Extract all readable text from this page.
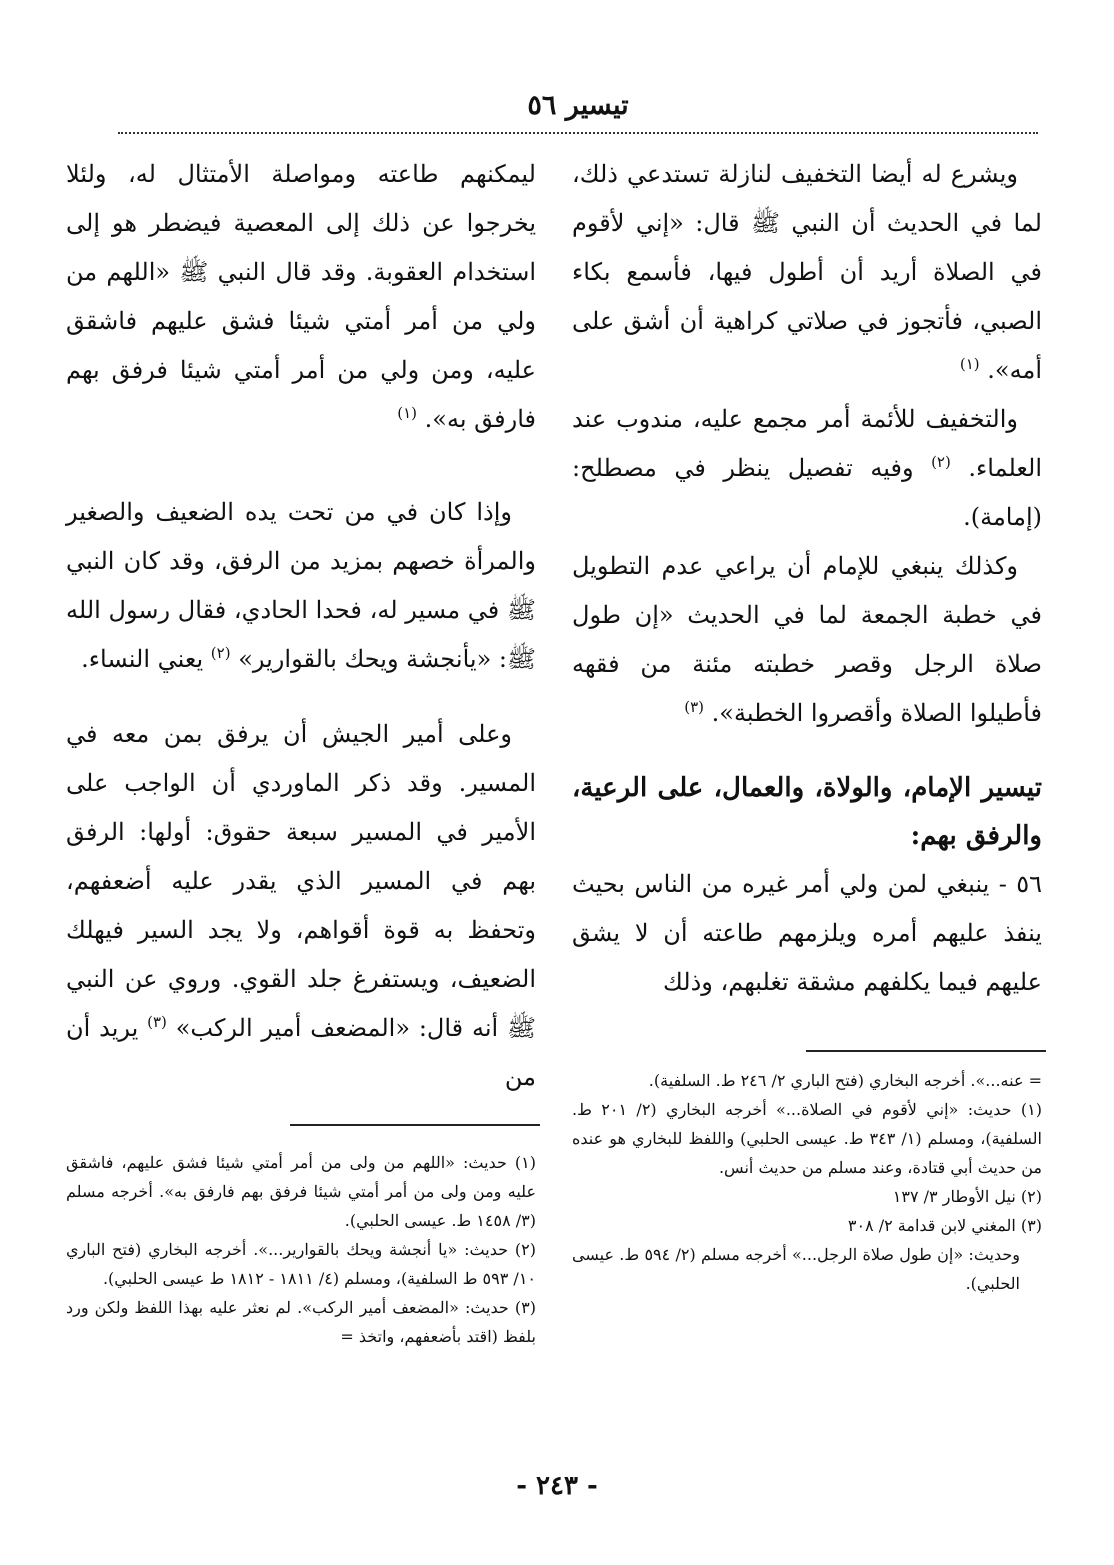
تيسير ٥٦

ويشرع له أيضا التخفيف لنازلة تستدعي ذلك، لما في الحديث أن النبي ﷺ قال: «إني لأقوم في الصلاة أريد أن أطول فيها، فأسمع بكاء الصبي، فأتجوز في صلاتي كراهية أن أشق على أمه». $^{(١)}$

والتخفيف للأئمة أمر مجمع عليه، مندوب عند العلماء. $^{(٢)}$ وفيه تفصيل ينظر في مصطلح: (إمامة).

وكذلك ينبغي للإمام أن يراعي عدم التطويل في خطبة الجمعة لما في الحديث «إن طول صلاة الرجل وقصر خطبته مئنة من فقهه فأطيلوا الصلاة وأقصروا الخطبة». $^{(٣)}$

تيسير الإمام، والولاة، والعمال، على الرعية، والرفق بهم:

٥٦ - ينبغي لمن ولي أمر غيره من الناس بحيث ينفذ عليهم أمره ويلزمهم طاعته أن لا يشق عليهم فيما يكلفهم مشقة تغلبهم، وذلك

ليمكنهم طاعته ومواصلة الأمتثال له، ولئلا يخرجوا عن ذلك إلى المعصية فيضطر هو إلى استخدام العقوبة. وقد قال النبي ﷺ «اللهم من ولي من أمر أمتي شيئا فشق عليهم فاشقق عليه، ومن ولي من أمر أمتي شيئا فرفق بهم فارفق به». $^{(١)}$

وإذا كان في من تحت يده الضعيف والصغير والمرأة خصهم بمزيد من الرفق، وقد كان النبي ﷺ في مسير له، فحدا الحادي، فقال رسول الله ﷺ: «يأنجشة ويحك بالقوارير» $^{(٢)}$ يعني النساء.

وعلى أمير الجيش أن يرفق بمن معه في المسير. وقد ذكر الماوردي أن الواجب على الأمير في المسير سبعة حقوق: أولها: الرفق بهم في المسير الذي يقدر عليه أضعفهم، وتحفظ به قوة أقواهم، ولا يجد السير فيهلك الضعيف، ويستفرغ جلد القوي. وروي عن النبي ﷺ أنه قال: «المضعف أمير الركب» $^{(٣)}$ يريد أن من	= عنه...». أخرجه البخاري (فتح الباري ٢/ ٢٤٦ ط. السلفية).

(١) حديث: «إني لأقوم في الصلاة...» أخرجه البخاري (٢/ ٢٠١ ط. السلفية)، ومسلم (١/ ٣٤٣ ط. عيسى الحلبي) واللفظ للبخاري هو عنده من حديث أبي قتادة، وعند مسلم من حديث أنس.

(٢) نيل الأوطار ٣/ ١٣٧

(٣) المغني لابن قدامة ٢/ ٣٠٨

وحديث: «إن طول صلاة الرجل...» أخرجه مسلم (٢/ ٥٩٤ ط. عيسى الحلبي).

(١) حديث: «اللهم من ولى من أمر أمتي شيئا فشق عليهم، فاشقق عليه ومن ولى من أمر أمتي شيئا فرفق بهم فارفق به». أخرجه مسلم (٣/ ١٤٥٨ ط. عيسى الحلبي).

(٢) حديث: «يا أنجشة ويحك بالقوارير...». أخرجه البخاري (فتح الباري ١٠/ ٥٩٣ ط السلفية)، ومسلم (٤/ ١٨١١ - ١٨١٢ ط عيسى الحلبي).

(٣) حديث: «المضعف أمير الركب». لم نعثر عليه بهذا اللفظ ولكن ورد بلفظ (اقتد بأضعفهم، واتخذ =

- ٢٤٣ -
